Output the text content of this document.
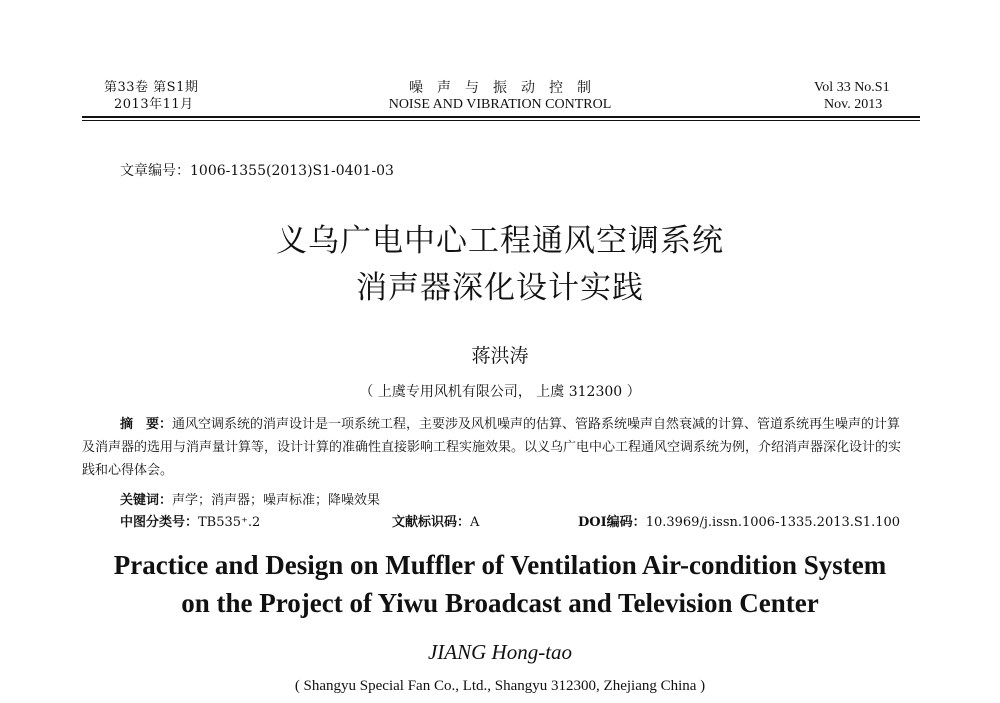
第33卷 第S1期
2013年11月
噪　声　与　振　动　控　制
NOISE AND VIBRATION CONTROL
Vol 33 No.S1
Nov. 2013
文章编号：1006-1355(2013)S1-0401-03
义乌广电中心工程通风空调系统
消声器深化设计实践
蒋洪涛
（ 上虞专用风机有限公司， 上虞 312300 ）
摘　要：通风空调系统的消声设计是一项系统工程，主要涉及风机噪声的估算、管路系统噪声自然衰减的计算、管道系统再生噪声的计算及消声器的选用与消声量计算等，设计计算的准确性直接影响工程实施效果。以义乌广电中心工程通风空调系统为例，介绍消声器深化设计的实践和心得体会。
关键词：声学；消声器；噪声标准；降噪效果
中图分类号：TB535⁺.2	文献标识码：A	DOI编码：10.3969/j.issn.1006-1335.2013.S1.100
Practice and Design on Muffler of Ventilation Air-condition System
on the Project of Yiwu Broadcast and Television Center
JIANG Hong-tao
( Shangyu Special Fan Co., Ltd., Shangyu 312300, Zhejiang China )
